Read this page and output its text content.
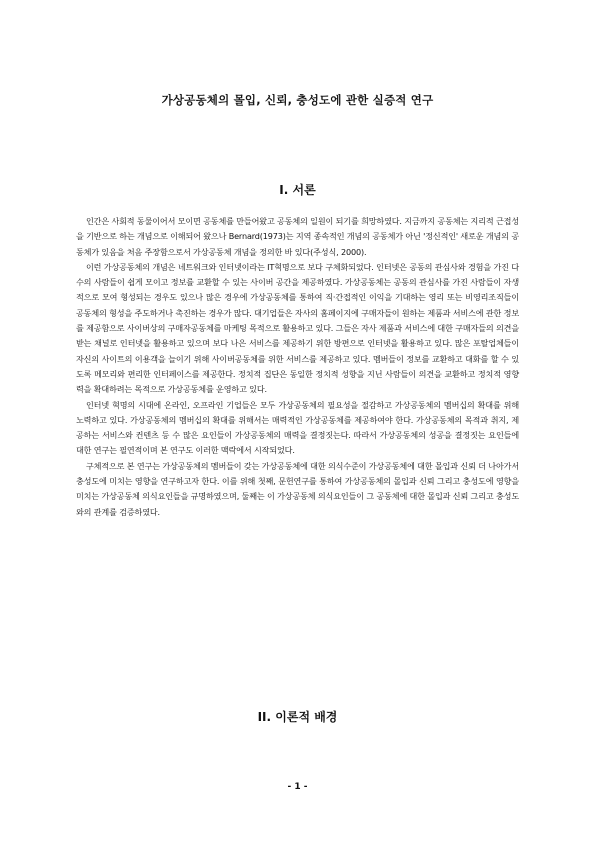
가상공동체의 몰입, 신뢰, 충성도에 관한 실증적 연구
I. 서론

인간은 사회적 동물이어서 모이면 공동체를 만들어왔고 공동체의 일원이 되기를 희망하였다. 지금까지 공동체는 지리적 근접성을 기반으로 하는 개념으로 이해되어 왔으나 Bernard(1973)는 지역 종속적인 개념의 공동체가 아닌 '정신적인' 새로운 개념의 공동체가 있음을 처음 주장함으로서 가상공동체 개념을 정의한 바 있다(주성식, 2000).

이런 가상공동체의 개념은 네트워크와 인터넷이라는 IT혁명으로 보다 구체화되었다. 인터넷은 공동의 관심사와 경험을 가진 다수의 사람들이 쉽게 모이고 정보를 교환할 수 있는 사이버 공간을 제공하였다. 가상공동체는 공동의 관심사를 가진 사람들이 자생적으로 모여 형성되는 경우도 있으나 많은 경우에 가상공동체를 통하여 직·간접적인 이익을 기대하는 영리 또는 비영리조직들이 공동체의 형성을 주도하거나 촉진하는 경우가 많다. 대기업들은 자사의 홈페이지에 구매자들이 원하는 제품과 서비스에 관한 정보를 제공함으로 사이버상의 구매자공동체를 마케팅 목적으로 활용하고 있다. 그들은 자사 제품과 서비스에 대한 구매자들의 의견을 받는 채널로 인터넷을 활용하고 있으며 보다 나은 서비스를 제공하기 위한 방편으로 인터넷을 활용하고 있다. 많은 포탈업체들이 자신의 사이트의 이용객을 늘이기 위해 사이버공동체를 위한 서비스를 제공하고 있다. 멤버들이 정보를 교환하고 대화를 할 수 있도록 메모리와 편리한 인터페이스를 제공한다. 정치적 집단은 동일한 정치적 성향을 지닌 사람들이 의견을 교환하고 정치적 영향력을 확대하려는 목적으로 가상공동체를 운영하고 있다.

인터넷 혁명의 시대에 온라인, 오프라인 기업들은 모두 가상공동체의 필요성을 절감하고 가상공동체의 멤버십의 확대를 위해 노력하고 있다. 가상공동체의 멤버십의 확대를 위해서는 매력적인 가상공동체를 제공하여야 한다. 가상공동체의 목적과 취지, 제공하는 서비스와 컨텐츠 등 수 많은 요인들이 가상공동체의 매력을 결정짓는다. 따라서 가상공동체의 성공을 결정짓는 요인들에 대한 연구는 필연적이며 본 연구도 이러한 맥락에서 시작되었다.

구체적으로 본 연구는 가상공동체의 멤버들이 갖는 가상공동체에 대한 의식수준이 가상공동체에 대한 몰입과 신뢰 더 나아가서 충성도에 미치는 영향을 연구하고자 한다. 이를 위해 첫째, 문헌연구를 통하여 가상공동체의 몰입과 신뢰 그리고 충성도에 영향을 미치는 가상공동체 의식요인들을 규명하였으며, 둘째는 이 가상공동체 의식요인들이 그 공동체에 대한 몰입과 신뢰 그리고 충성도와의 관계를 검증하였다.

II. 이론적 배경
- 1 -
